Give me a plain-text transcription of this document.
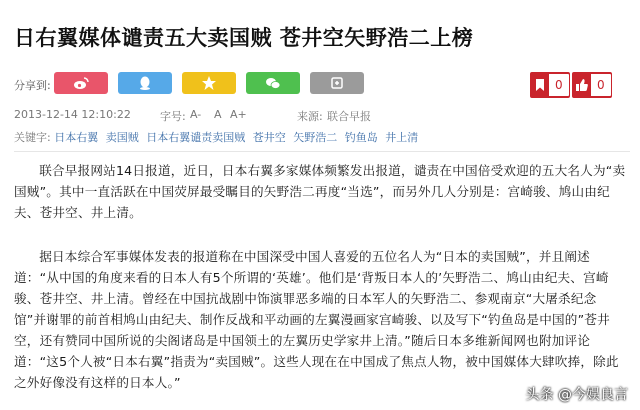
日右翼媒体谴责五大卖国贼 苍井空矢野浩二上榜
分享到:	0	0
2013-12-14 12:10:22	字号: A- A A+	来源: 联合早报
关键字: 日本右翼 卖国贼 日本右翼谴责卖国贼 苍井空 矢野浩二 钓鱼岛 井上清

联合早报网站14日报道，近日，日本右翼多家媒体频繁发出报道，谴责在中国倍受欢迎的五大名人为“卖国贼”。其中一直活跃在中国荧屏最受瞩目的矢野浩二再度“当选”，而另外几人分别是：宫崎骏、鸠山由纪夫、苍井空、井上清。

据日本综合军事媒体发表的报道称在中国深受中国人喜爱的五位名人为“日本的卖国贼”，并且阐述道：“从中国的角度来看的日本人有5个所谓的‘英雄’。他们是‘背叛日本人的’矢野浩二、鸠山由纪夫、宫崎骏、苍井空、井上清。曾经在中国抗战剧中饰演罪恶多端的日本军人的矢野浩二、参观南京“大屠杀纪念馆”并谢罪的前首相鸠山由纪夫、制作反战和平动画的左翼漫画家宫崎骏、以及写下“钓鱼岛是中国的”苍井空，还有赞同中国所说的尖阁诸岛是中国领土的左翼历史学家井上清。”随后日本多维新闻网也附加评论道：“这5个人被“日本右翼”指责为“卖国贼”。这些人现在在中国成了焦点人物，被中国媒体大肆吹捧，除此之外好像没有这样的日本人。”

头条 @今娱良言
